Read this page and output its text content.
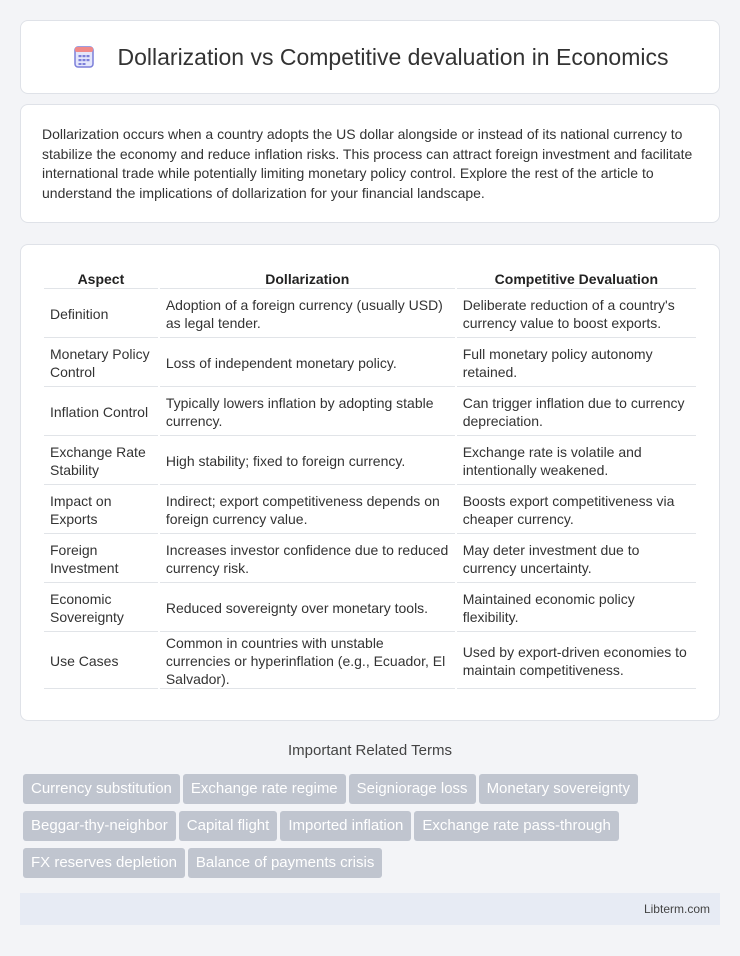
Dollarization vs Competitive devaluation in Economics

Dollarization occurs when a country adopts the US dollar alongside or instead of its national currency to stabilize the economy and reduce inflation risks. This process can attract foreign investment and facilitate international trade while potentially limiting monetary policy control. Explore the rest of the article to understand the implications of dollarization for your financial landscape.

Aspect	Dollarization	Competitive Devaluation
Definition	Adoption of a foreign currency (usually USD) as legal tender.	Deliberate reduction of a country's currency value to boost exports.
Monetary Policy Control	Loss of independent monetary policy.	Full monetary policy autonomy retained.
Inflation Control	Typically lowers inflation by adopting stable currency.	Can trigger inflation due to currency depreciation.
Exchange Rate Stability	High stability; fixed to foreign currency.	Exchange rate is volatile and intentionally weakened.
Impact on Exports	Indirect; export competitiveness depends on foreign currency value.	Boosts export competitiveness via cheaper currency.
Foreign Investment	Increases investor confidence due to reduced currency risk.	May deter investment due to currency uncertainty.
Economic Sovereignty	Reduced sovereignty over monetary tools.	Maintained economic policy flexibility.
Use Cases	Common in countries with unstable currencies or hyperinflation (e.g., Ecuador, El Salvador).	Used by export-driven economies to maintain competitiveness.
Important Related Terms
Currency substitution Exchange rate regime Seigniorage loss Monetary sovereigntyBeggar-thy-neighbor Capital flight Imported inflation Exchange rate pass-throughFX reserves depletion Balance of payments crisis
Libterm.com
